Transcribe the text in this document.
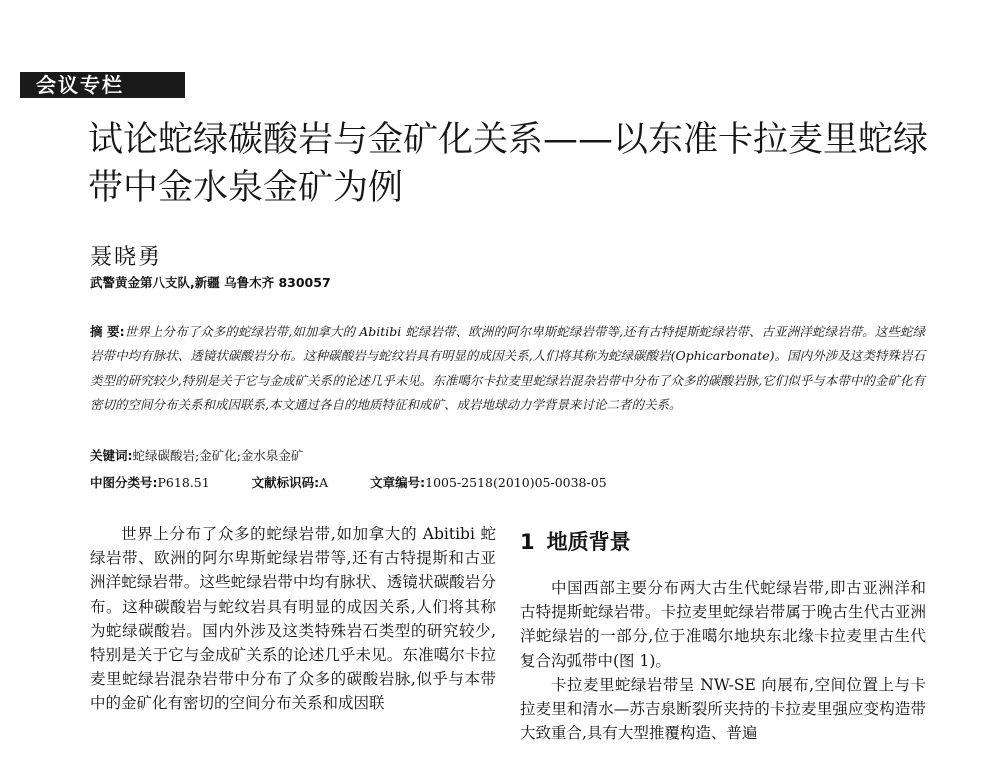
会议专栏
试论蛇绿碳酸岩与金矿化关系——以东准卡拉麦里蛇绿带中金水泉金矿为例
聂晓勇
武警黄金第八支队,新疆 乌鲁木齐 830057

摘 要:世界上分布了众多的蛇绿岩带,如加拿大的 Abitibi 蛇绿岩带、欧洲的阿尔卑斯蛇绿岩带等,还有古特提斯蛇绿岩带、古亚洲洋蛇绿岩带。这些蛇绿岩带中均有脉状、透镜状碳酸岩分布。这种碳酸岩与蛇纹岩具有明显的成因关系,人们将其称为蛇绿碳酸岩(Ophicarbonate)。国内外涉及这类特殊岩石类型的研究较少,特别是关于它与金成矿关系的论述几乎未见。东准噶尔卡拉麦里蛇绿岩混杂岩带中分布了众多的碳酸岩脉,它们似乎与本带中的金矿化有密切的空间分布关系和成因联系,本文通过各自的地质特征和成矿、成岩地球动力学背景来讨论二者的关系。

关键词:蛇绿碳酸岩;金矿化;金水泉金矿
中图分类号:P618.51	文献标识码:A	文章编号:1005-2518(2010)05-0038-05

世界上分布了众多的蛇绿岩带,如加拿大的 Abitibi 蛇绿岩带、欧洲的阿尔卑斯蛇绿岩带等,还有古特提斯和古亚洲洋蛇绿岩带。这些蛇绿岩带中均有脉状、透镜状碳酸岩分布。这种碳酸岩与蛇纹岩具有明显的成因关系,人们将其称为蛇绿碳酸岩。国内外涉及这类特殊岩石类型的研究较少,特别是关于它与金成矿关系的论述几乎未见。东准噶尔卡拉麦里蛇绿岩混杂岩带中分布了众多的碳酸岩脉,似乎与本带中的金矿化有密切的空间分布关系和成因联

1 地质背景

中国西部主要分布两大古生代蛇绿岩带,即古亚洲洋和古特提斯蛇绿岩带。卡拉麦里蛇绿岩带属于晚古生代古亚洲洋蛇绿岩的一部分,位于准噶尔地块东北缘卡拉麦里古生代复合沟弧带中(图 1)。

卡拉麦里蛇绿岩带呈 NW-SE 向展布,空间位置上与卡拉麦里和清水—苏吉泉断裂所夹持的卡拉麦里强应变构造带大致重合,具有大型推覆构造、普遍
